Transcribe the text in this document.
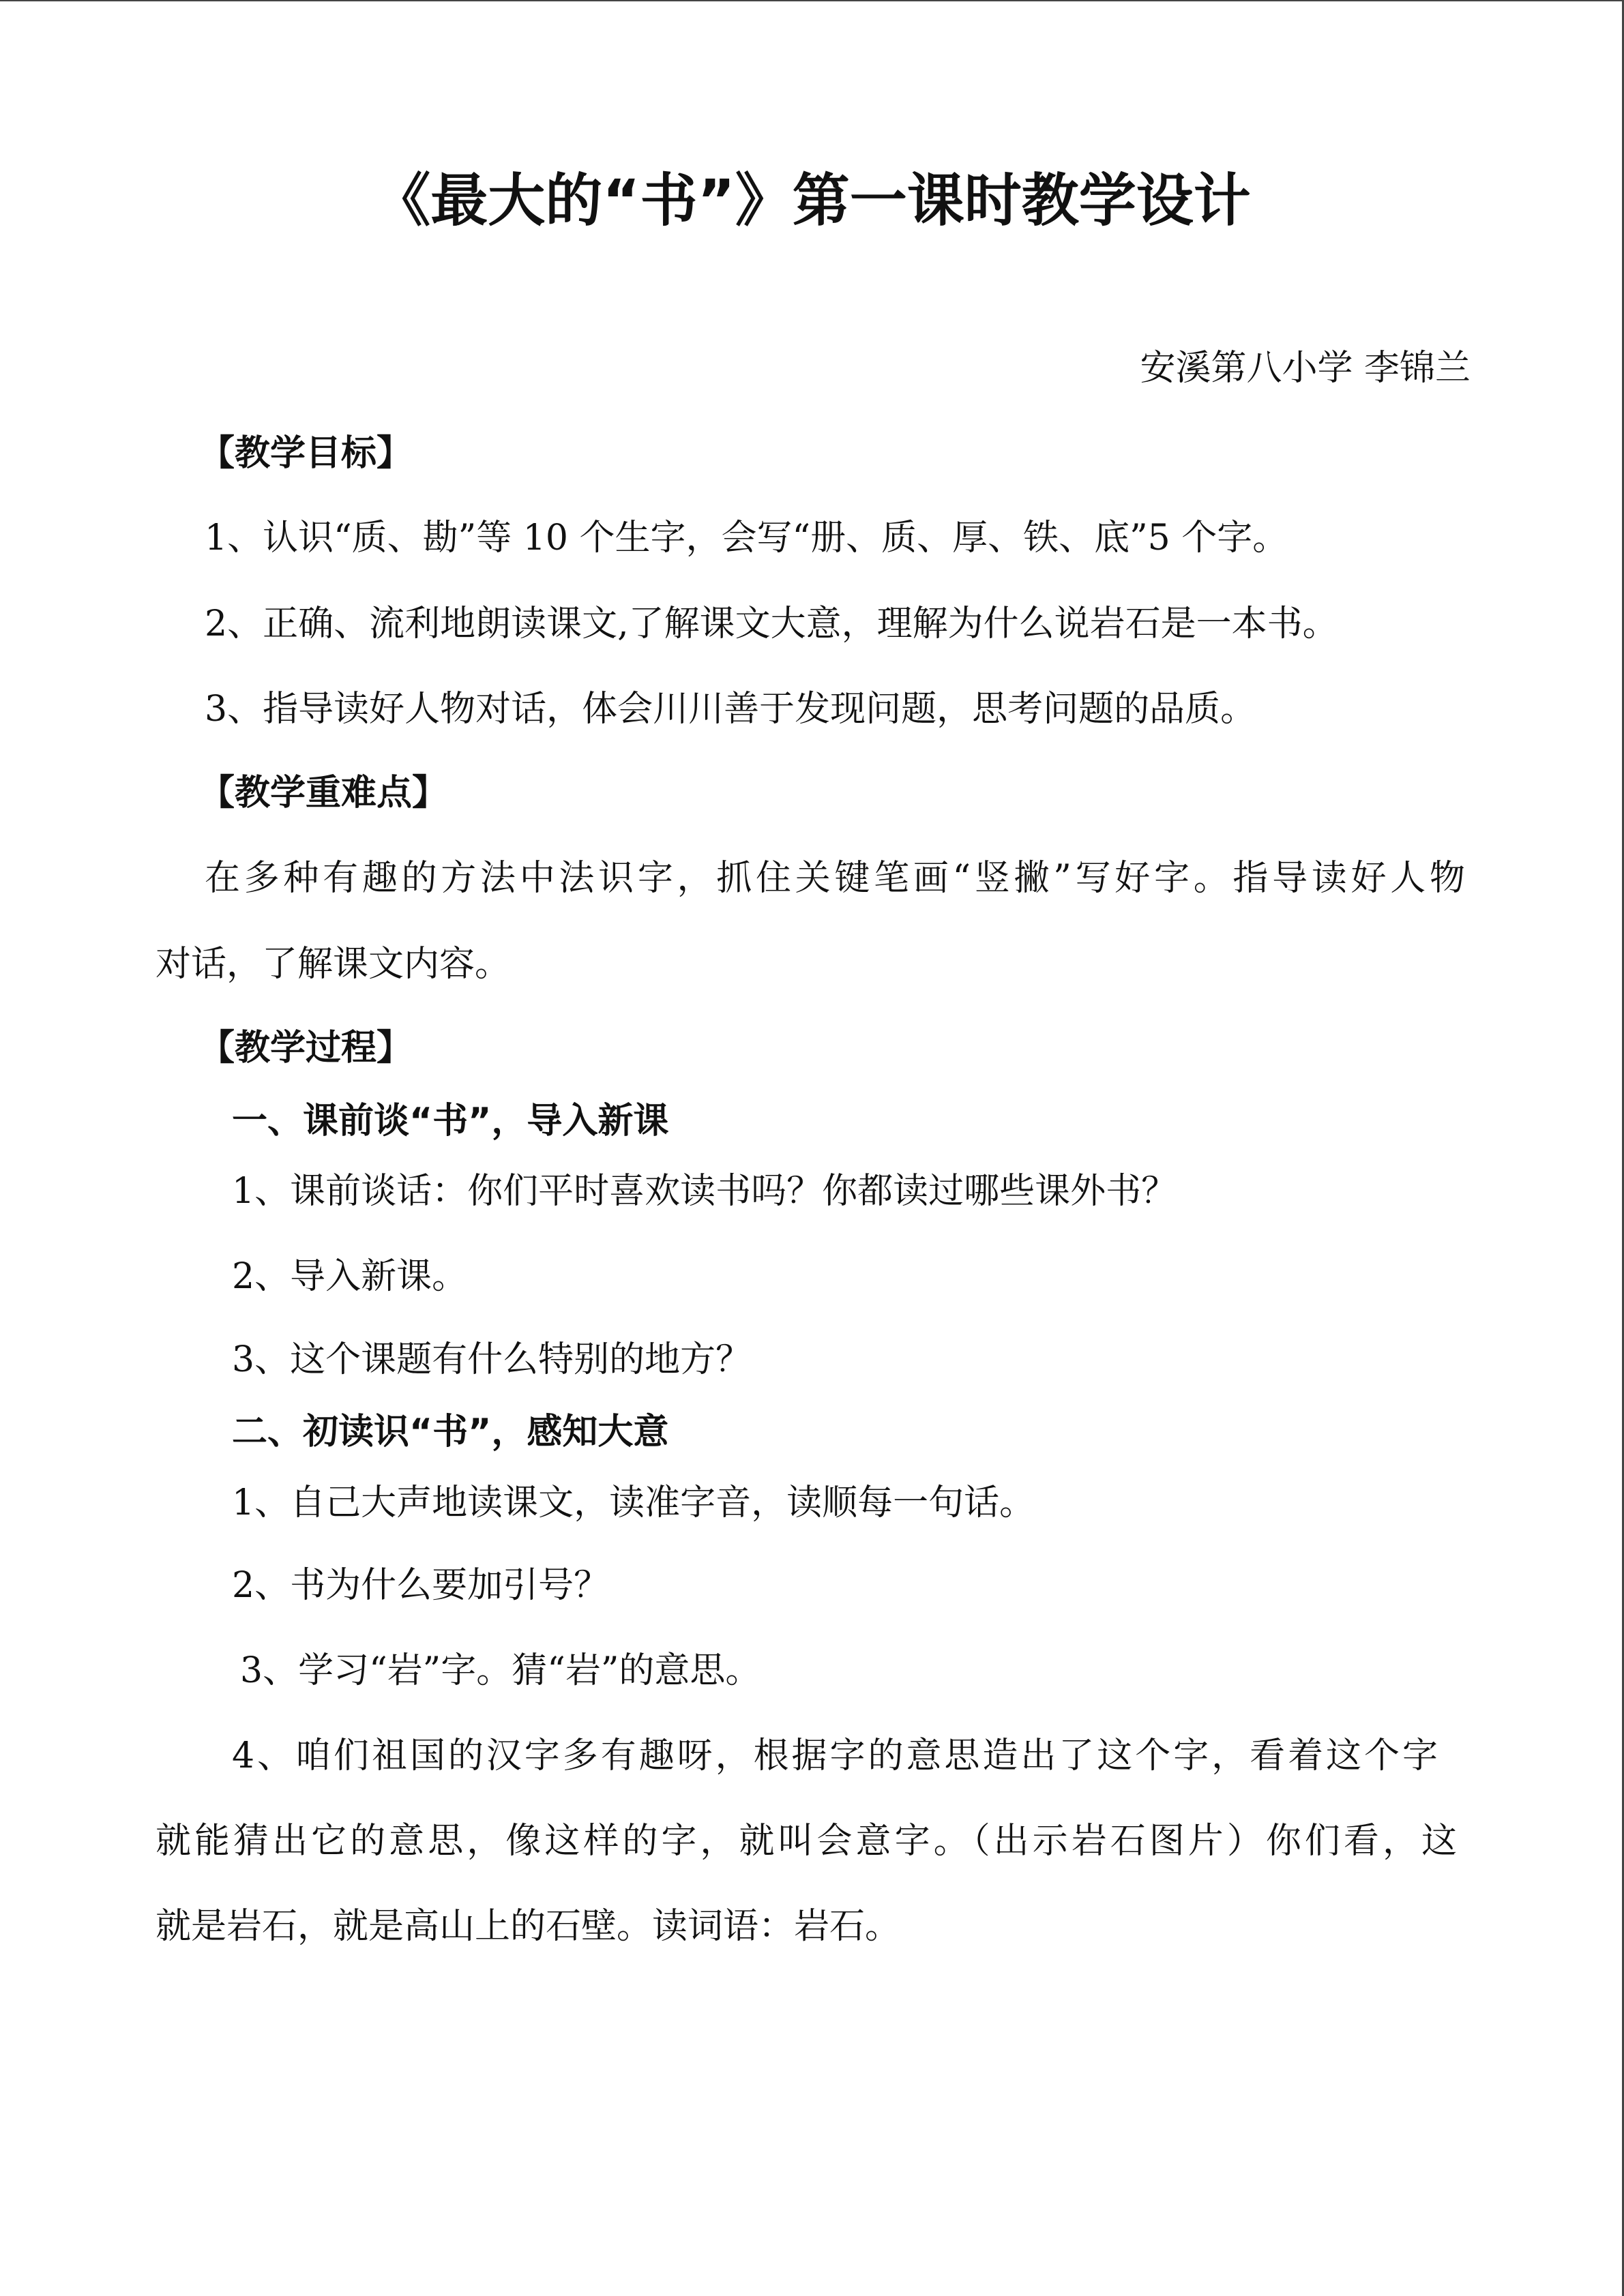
《最大的“书”》第一课时教学设计
安溪第八小学 李锦兰
【教学目标】
1、认识“质、勘”等 10 个生字，会写“册、质、厚、铁、底”5 个字。
2、正确、流利地朗读课文,了解课文大意，理解为什么说岩石是一本书。
3、指导读好人物对话，体会川川善于发现问题，思考问题的品质。
【教学重难点】
在多种有趣的方法中法识字，抓住关键笔画“竖撇”写好字。指导读好人物
对话，了解课文内容。
【教学过程】
一、课前谈“书”，导入新课
1、课前谈话：你们平时喜欢读书吗？你都读过哪些课外书？
2、导入新课。
3、这个课题有什么特别的地方？
二、初读识“书”，感知大意
1、自己大声地读课文，读准字音，读顺每一句话。
2、书为什么要加引号？
3、学习“岩”字。猜“岩”的意思。
4、咱们祖国的汉字多有趣呀，根据字的意思造出了这个字，看着这个字
就能猜出它的意思，像这样的字，就叫会意字。（出示岩石图片）你们看，这
就是岩石，就是高山上的石壁。读词语：岩石。
